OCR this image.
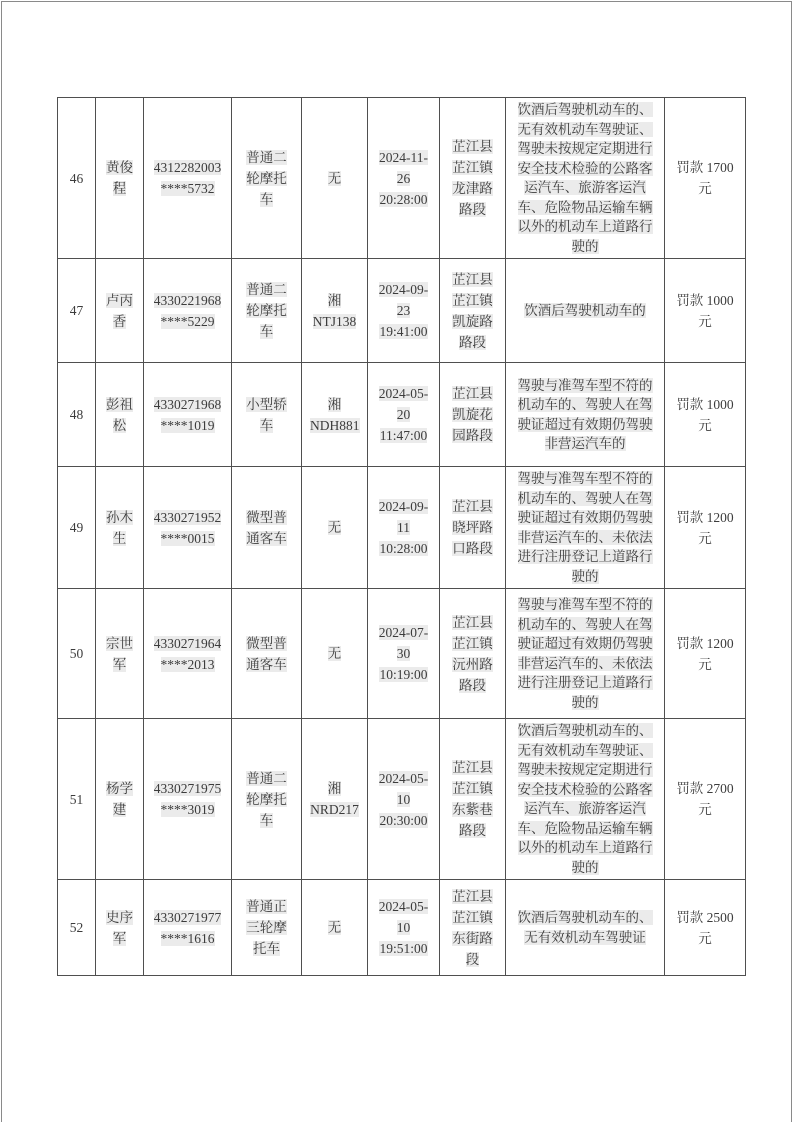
46	黄俊程	4312282003****5732	普通二轮摩托车	无	2024-11-26 20:28:00	芷江县芷江镇龙津路路段	饮酒后驾驶机动车的、无有效机动车驾驶证、驾驶未按规定定期进行安全技术检验的公路客运汽车、旅游客运汽车、危险物品运输车辆以外的机动车上道路行驶的	罚款 1700 元
47	卢丙香	4330221968****5229	普通二轮摩托车	湘NTJ138	2024-09-23 19:41:00	芷江县芷江镇凯旋路路段	饮酒后驾驶机动车的	罚款 1000 元
48	彭祖松	4330271968****1019	小型轿车	湘NDH881	2024-05-20 11:47:00	芷江县凯旋花园路段	驾驶与准驾车型不符的机动车的、驾驶人在驾驶证超过有效期仍驾驶非营运汽车的	罚款 1000 元
49	孙木生	4330271952****0015	微型普通客车	无	2024-09-11 10:28:00	芷江县晓坪路口路段	驾驶与准驾车型不符的机动车的、驾驶人在驾驶证超过有效期仍驾驶非营运汽车的、未依法进行注册登记上道路行驶的	罚款 1200 元
50	宗世军	4330271964****2013	微型普通客车	无	2024-07-30 10:19:00	芷江县芷江镇沅州路路段	驾驶与准驾车型不符的机动车的、驾驶人在驾驶证超过有效期仍驾驶非营运汽车的、未依法进行注册登记上道路行驶的	罚款 1200 元
51	杨学建	4330271975****3019	普通二轮摩托车	湘NRD217	2024-05-10 20:30:00	芷江县芷江镇东紫巷路段	饮酒后驾驶机动车的、无有效机动车驾驶证、驾驶未按规定定期进行安全技术检验的公路客运汽车、旅游客运汽车、危险物品运输车辆以外的机动车上道路行驶的	罚款 2700 元
52	史序军	4330271977****1616	普通正三轮摩托车	无	2024-05-10 19:51:00	芷江县芷江镇东街路段	饮酒后驾驶机动车的、无有效机动车驾驶证	罚款 2500 元
